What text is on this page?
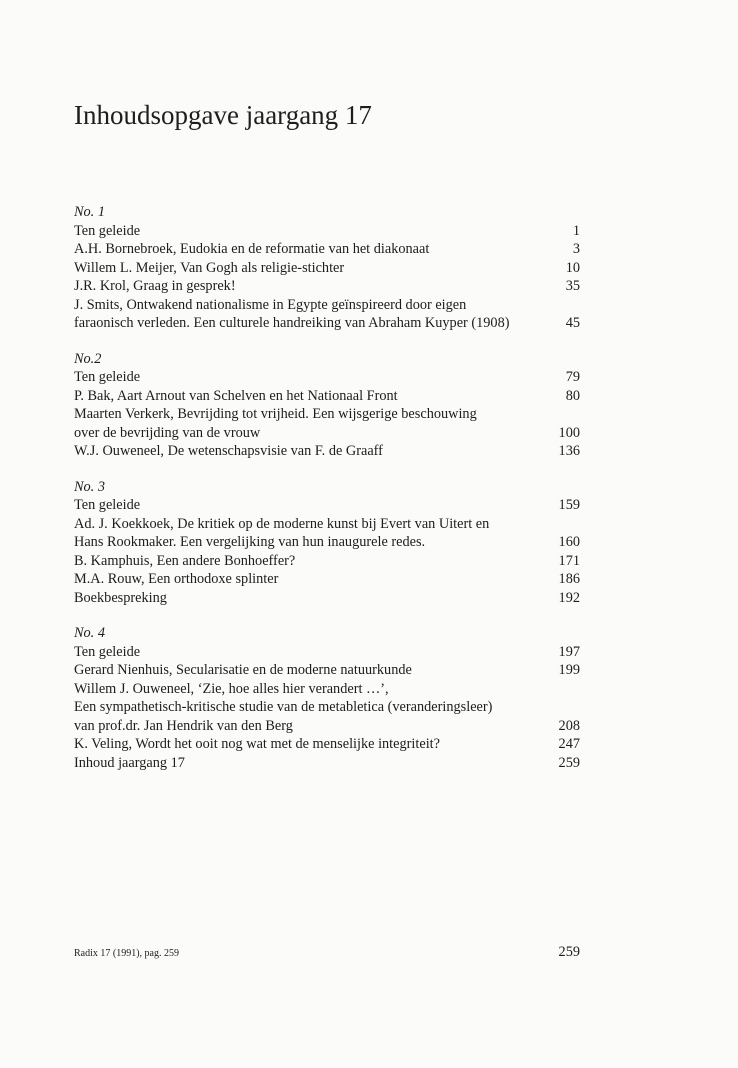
Inhoudsopgave jaargang 17
No. 1
Ten geleide	1
A.H. Bornebroek, Eudokia en de reformatie van het diakonaat	3
Willem L. Meijer, Van Gogh als religie-stichter	10
J.R. Krol, Graag in gesprek!	35
J. Smits, Ontwakend nationalisme in Egypte geïnspireerd door eigen
faraonisch verleden. Een culturele handreiking van Abraham Kuyper (1908)	45
No.2
Ten geleide	79
P. Bak, Aart Arnout van Schelven en het Nationaal Front	80
Maarten Verkerk, Bevrijding tot vrijheid. Een wijsgerige beschouwing
over de bevrijding van de vrouw	100
W.J. Ouweneel, De wetenschapsvisie van F. de Graaff	136
No. 3
Ten geleide	159
Ad. J. Koekkoek, De kritiek op de moderne kunst bij Evert van Uitert en
Hans Rookmaker. Een vergelijking van hun inaugurele redes.	160
B. Kamphuis, Een andere Bonhoeffer?	171
M.A. Rouw, Een orthodoxe splinter	186
Boekbespreking	192
No. 4
Ten geleide	197
Gerard Nienhuis, Secularisatie en de moderne natuurkunde	199
Willem J. Ouweneel, ‘Zie, hoe alles hier verandert …’,
Een sympathetisch-kritische studie van de metabletica (veranderingsleer)
van prof.dr. Jan Hendrik van den Berg	208
K. Veling, Wordt het ooit nog wat met de menselijke integriteit?	247
Inhoud jaargang 17	259
Radix 17 (1991), pag. 259	259
